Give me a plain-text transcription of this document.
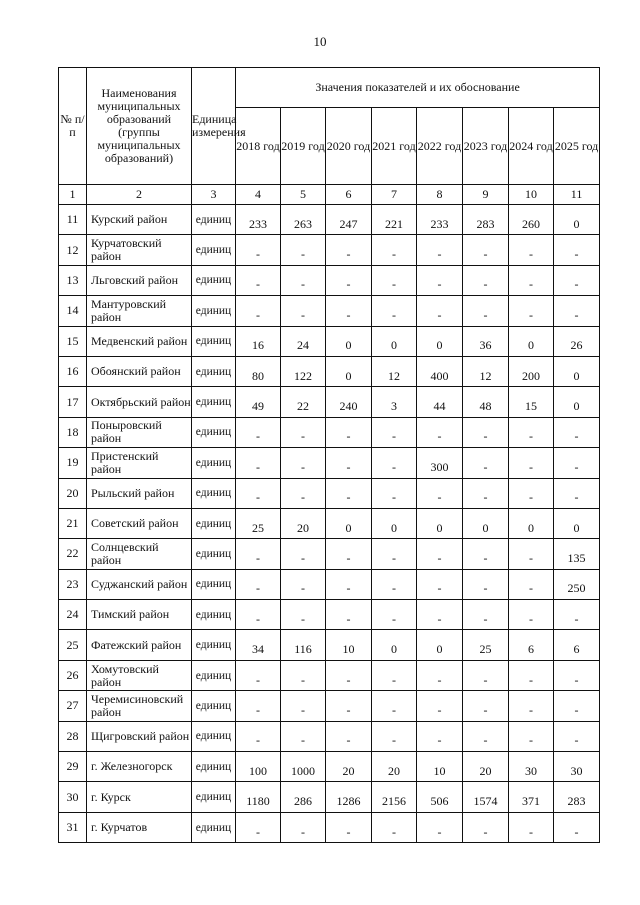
10
№ п/п	Наименования муниципальных образований (группы муниципальных образований)	Единица измерения	Значения показателей и их обоснование							
			2018 год	2019 год	2020 год	2021 год	2022 год	2023 год	2024 год	2025 год
1	2	3	4	5	6	7	8	9	10	11
11	Курский район	единиц	233	263	247	221	233	283	260	0
12	Курчатовский район	единиц	-	-	-	-	-	-	-	-
13	Льговский район	единиц	-	-	-	-	-	-	-	-
14	Мантуровский район	единиц	-	-	-	-	-	-	-	-
15	Медвенский район	единиц	16	24	0	0	0	36	0	26
16	Обоянский район	единиц	80	122	0	12	400	12	200	0
17	Октябрьский район	единиц	49	22	240	3	44	48	15	0
18	Поныровский район	единиц	-	-	-	-	-	-	-	-
19	Пристенский район	единиц	-	-	-	-	300	-	-	-
20	Рыльский район	единиц	-	-	-	-	-	-	-	-
21	Советский район	единиц	25	20	0	0	0	0	0	0
22	Солнцевский район	единиц	-	-	-	-	-	-	-	135
23	Суджанский район	единиц	-	-	-	-	-	-	-	250
24	Тимский район	единиц	-	-	-	-	-	-	-	-
25	Фатежский район	единиц	34	116	10	0	0	25	6	6
26	Хомутовский район	единиц	-	-	-	-	-	-	-	-
27	Черемисиновский район	единиц	-	-	-	-	-	-	-	-
28	Щигровский район	единиц	-	-	-	-	-	-	-	-
29	г. Железногорск	единиц	100	1000	20	20	10	20	30	30
30	г. Курск	единиц	1180	286	1286	2156	506	1574	371	283
31	г. Курчатов	единиц	-	-	-	-	-	-	-	-
